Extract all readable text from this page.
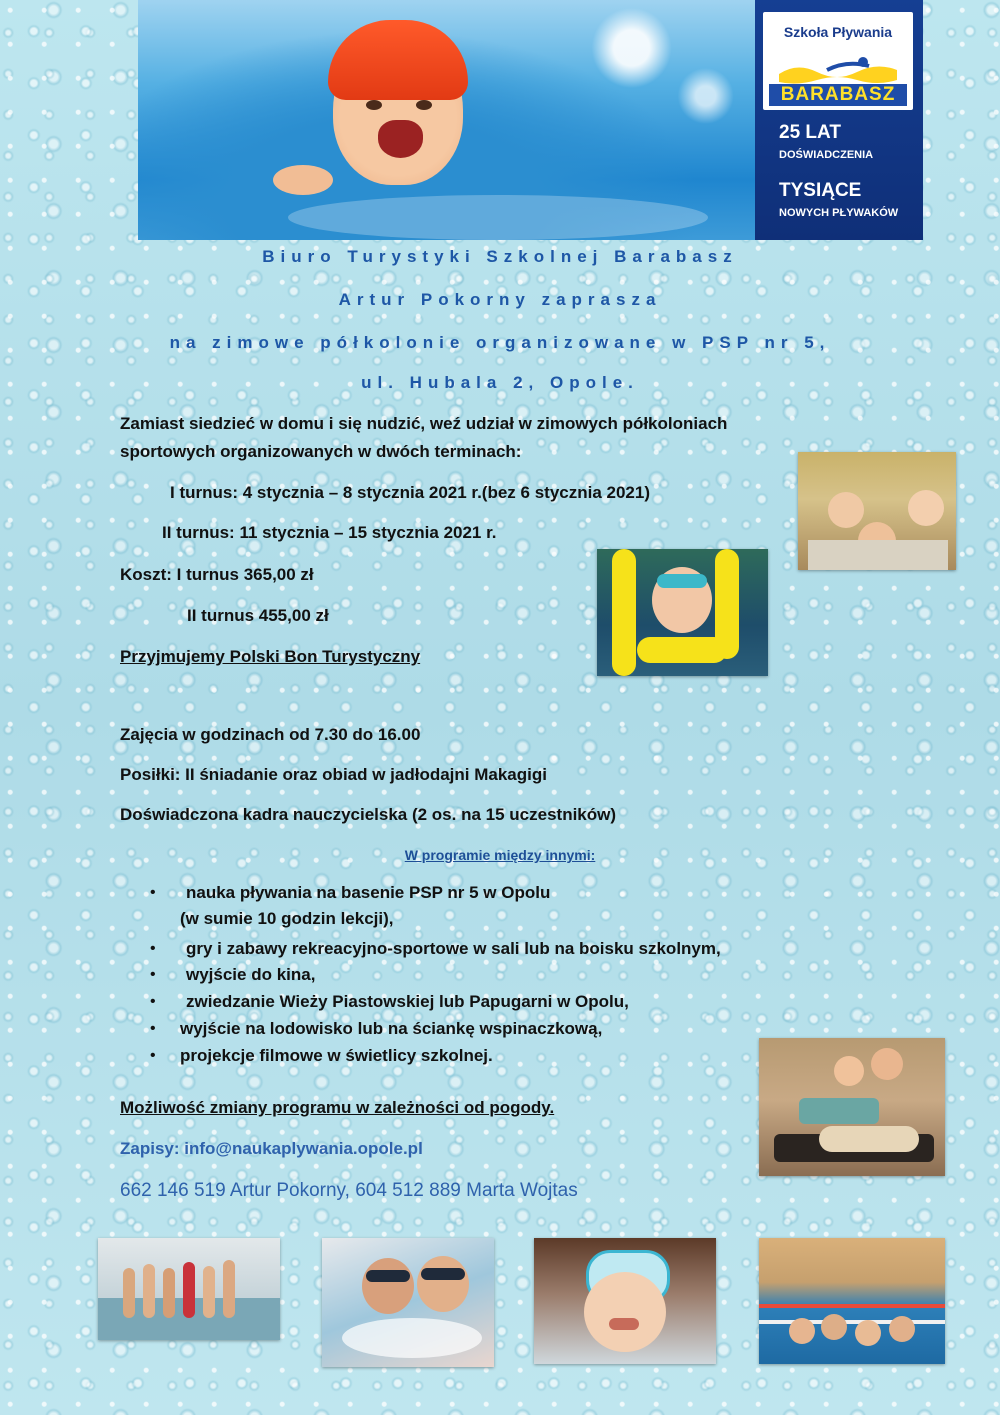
Szkoła Pływania
BARABASZ
25 LAT
DOŚWIADCZENIA
TYSIĄCE
NOWYCH PŁYWAKÓW
Biuro Turystyki Szkolnej Barabasz
Artur Pokorny zaprasza
na zimowe półkolonie organizowane w PSP nr 5,
ul. Hubala 2, Opole.
Zamiast siedzieć w domu i się nudzić, weź udział w zimowych półkoloniach
sportowych organizowanych w dwóch terminach:
I turnus: 4 stycznia – 8 stycznia 2021 r.(bez 6 stycznia 2021)
II turnus: 11 stycznia – 15 stycznia 2021 r.
Koszt: I turnus 365,00 zł
II turnus 455,00 zł
Przyjmujemy Polski Bon Turystyczny
Zajęcia w godzinach od 7.30 do 16.00
Posiłki: II śniadanie oraz obiad w jadłodajni Makagigi
Doświadczona kadra nauczycielska (2 os. na 15 uczestników)
W programie między innymi:
• nauka pływania na basenie PSP nr 5 w Opolu
(w sumie 10 godzin lekcji),
• gry i zabawy rekreacyjno-sportowe w sali lub na boisku szkolnym,
• wyjście do kina,
• zwiedzanie Wieży Piastowskiej lub Papugarni w Opolu,
• wyjście na lodowisko lub na ściankę wspinaczkową,
• projekcje filmowe w świetlicy szkolnej.
Możliwość zmiany programu w zależności od pogody.
Zapisy: info@naukaplywania.opole.pl
662 146 519 Artur Pokorny, 604 512 889 Marta Wojtas
